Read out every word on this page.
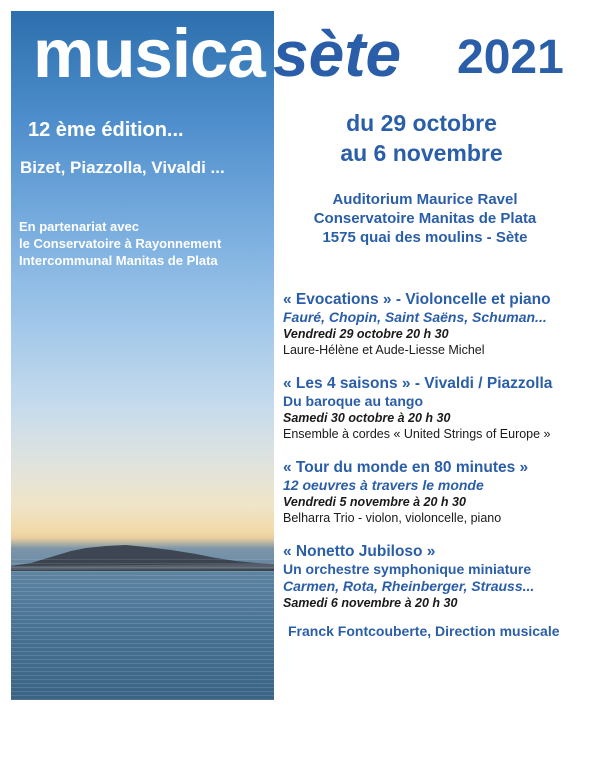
musica sète 2021

12 ème édition...

Bizet, Piazzolla, Vivaldi ...

En partenariat avec
le Conservatoire à Rayonnement
Intercommunal Manitas de Plata

du 29 octobre
au 6 novembre

Auditorium Maurice Ravel
Conservatoire Manitas de Plata
1575 quai des moulins - Sète

« Evocations » - Violoncelle et piano

Fauré, Chopin, Saint Saëns, Schuman...

Vendredi 29 octobre 20 h 30

Laure-Hélène et Aude-Liesse Michel

« Les 4 saisons » - Vivaldi / Piazzolla

Du baroque au tango

Samedi 30 octobre à 20 h 30

Ensemble à cordes « United Strings of Europe »

« Tour du monde en 80 minutes »

12 oeuvres à travers le monde

Vendredi 5 novembre à 20 h 30

Belharra Trio - violon, violoncelle, piano

« Nonetto Jubiloso »

Un orchestre symphonique miniature

Carmen, Rota, Rheinberger, Strauss...

Samedi 6 novembre à 20 h 30

Franck Fontcouberte, Direction musicale
